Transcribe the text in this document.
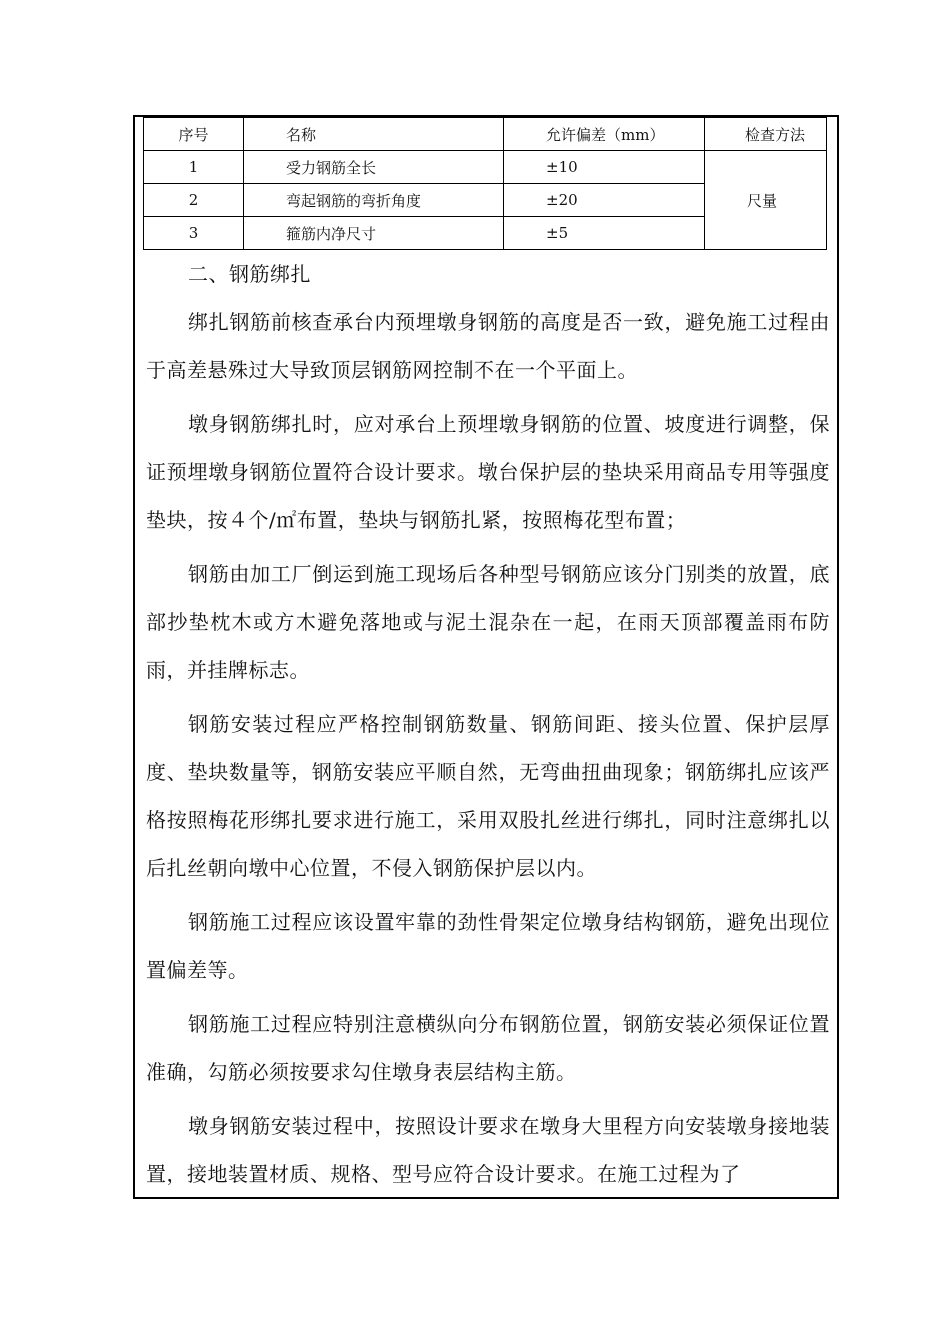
序号	名称	允许偏差（mm）	检查方法
1	受力钢筋全长	±10	尺量
2	弯起钢筋的弯折角度	±20	
3	箍筋内净尺寸	±5	
二、钢筋绑扎

绑扎钢筋前核查承台内预埋墩身钢筋的高度是否一致，避免施工过程由于高差悬殊过大导致顶层钢筋网控制不在一个平面上。

墩身钢筋绑扎时，应对承台上预埋墩身钢筋的位置、坡度进行调整，保证预埋墩身钢筋位置符合设计要求。墩台保护层的垫块采用商品专用等强度垫块，按４个/㎡布置，垫块与钢筋扎紧，按照梅花型布置；

钢筋由加工厂倒运到施工现场后各种型号钢筋应该分门别类的放置，底部抄垫枕木或方木避免落地或与泥土混杂在一起，在雨天顶部覆盖雨布防雨，并挂牌标志。

钢筋安装过程应严格控制钢筋数量、钢筋间距、接头位置、保护层厚度、垫块数量等，钢筋安装应平顺自然，无弯曲扭曲现象；钢筋绑扎应该严格按照梅花形绑扎要求进行施工，采用双股扎丝进行绑扎，同时注意绑扎以后扎丝朝向墩中心位置，不侵入钢筋保护层以内。

钢筋施工过程应该设置牢靠的劲性骨架定位墩身结构钢筋，避免出现位置偏差等。

钢筋施工过程应特别注意横纵向分布钢筋位置，钢筋安装必须保证位置准确，勾筋必须按要求勾住墩身表层结构主筋。

墩身钢筋安装过程中，按照设计要求在墩身大里程方向安装墩身接地装置，接地装置材质、规格、型号应符合设计要求。在施工过程为了
